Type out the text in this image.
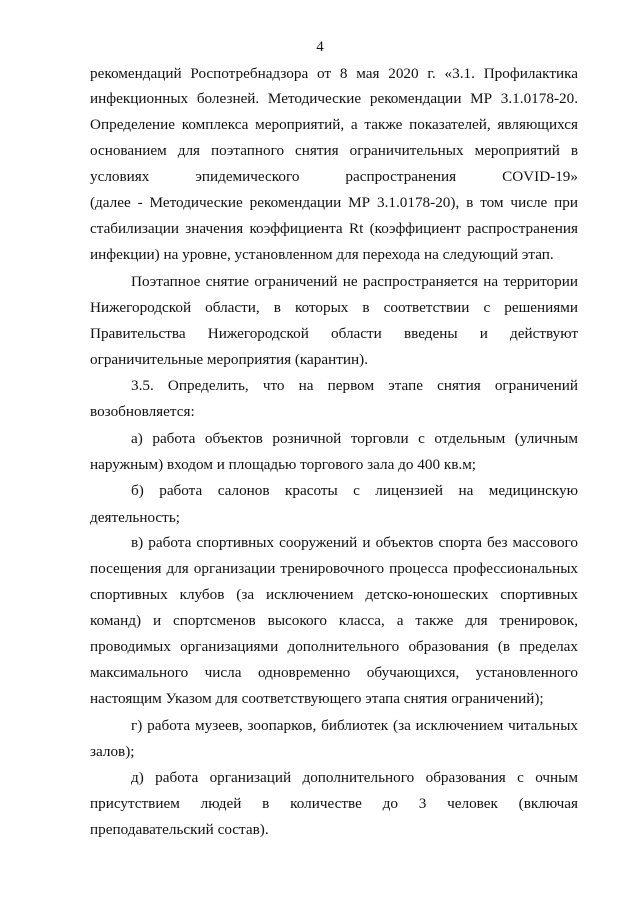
4
рекомендаций Роспотребнадзора от 8 мая 2020 г. «3.1. Профилактика
инфекционных болезней. Методические рекомендации МР 3.1.0178-20.
Определение комплекса мероприятий, а также показателей, являющихся
основанием для поэтапного снятия ограничительных мероприятий в
условиях эпидемического распространения COVID-19»
(далее - Методические рекомендации МР 3.1.0178-20), в том числе при
стабилизации значения коэффициента Rt (коэффициент распространения
инфекции) на уровне, установленном для перехода на следующий этап.
Поэтапное снятие ограничений не распространяется на территории
Нижегородской области, в которых в соответствии с решениями
Правительства Нижегородской области введены и действуют
ограничительные мероприятия (карантин).
3.5. Определить, что на первом этапе снятия ограничений
возобновляется:
а) работа объектов розничной торговли с отдельным (уличным
наружным) входом и площадью торгового зала до 400 кв.м;
б) работа салонов красоты с лицензией на медицинскую
деятельность;
в) работа спортивных сооружений и объектов спорта без массового
посещения для организации тренировочного процесса профессиональных
спортивных клубов (за исключением детско-юношеских спортивных
команд) и спортсменов высокого класса, а также для тренировок,
проводимых организациями дополнительного образования (в пределах
максимального числа одновременно обучающихся, установленного
настоящим Указом для соответствующего этапа снятия ограничений);
г) работа музеев, зоопарков, библиотек (за исключением читальных
залов);
д) работа организаций дополнительного образования с очным
присутствием людей в количестве до 3 человек (включая
преподавательский состав).
